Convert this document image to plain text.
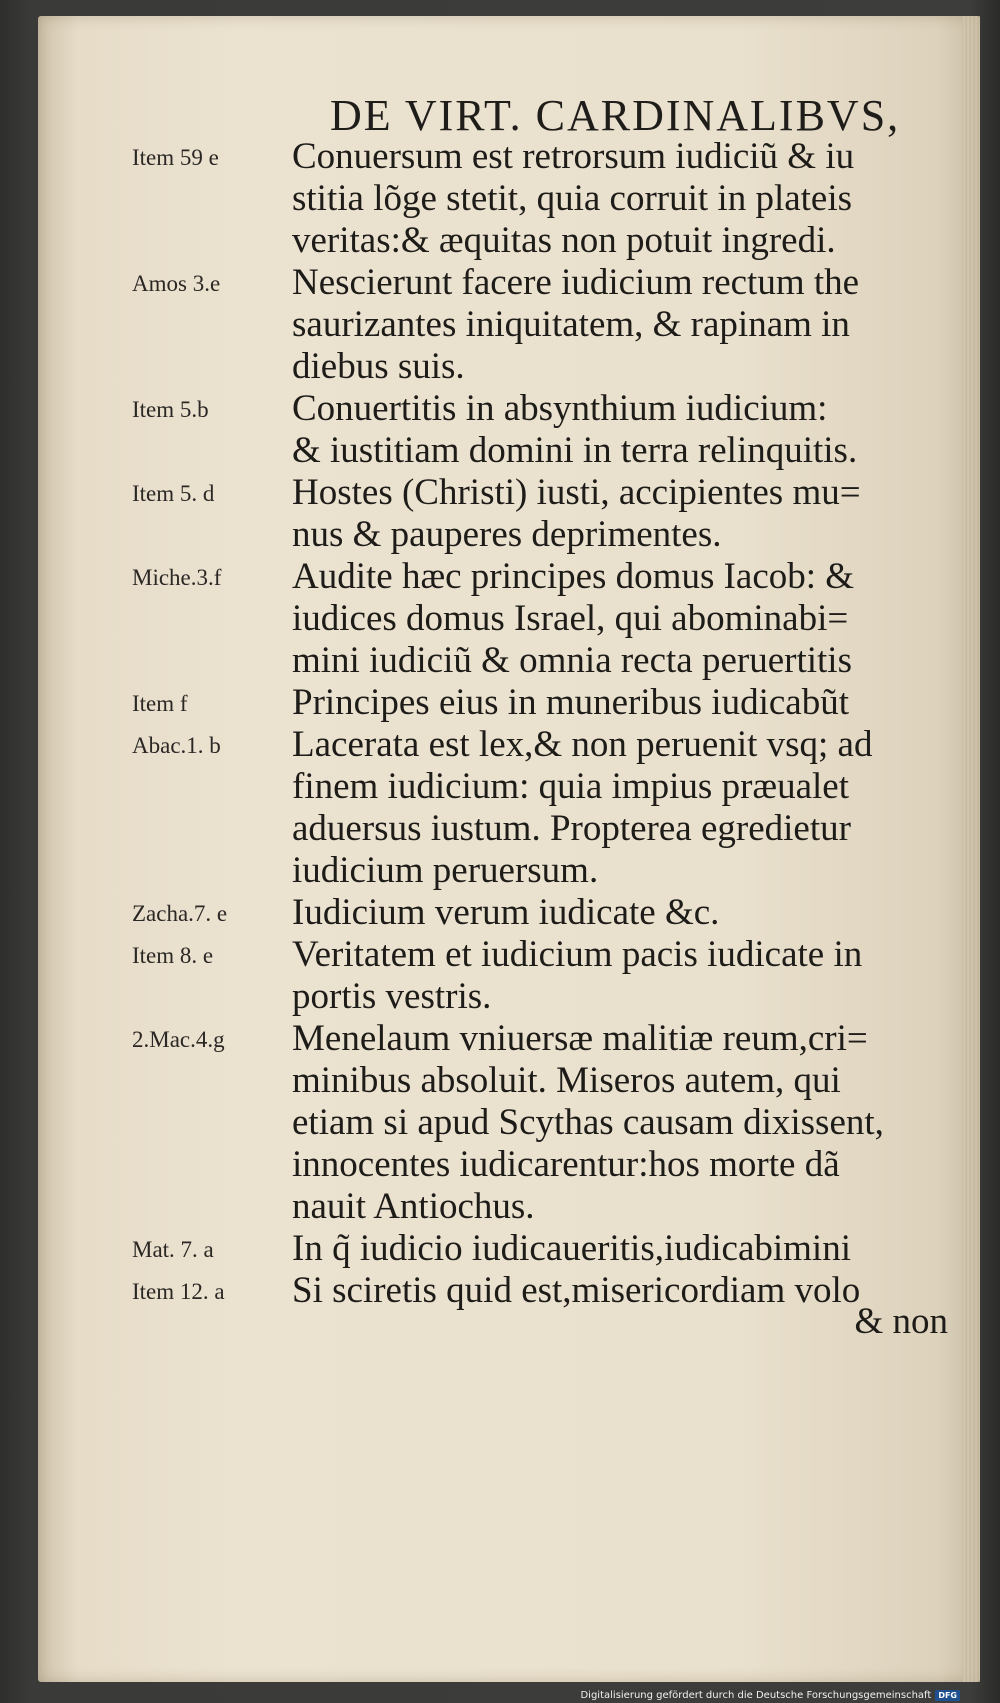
DE VIRT. CARDINALIBVS,
Item 59 e	Conuersum est retrorsum iudiciũ & iu
stitia lõge stetit, quia corruit in plateis
veritas:& æquitas non potuit ingredi.
Amos 3.e	Nescierunt facere iudicium rectum the
saurizantes iniquitatem, & rapinam in
diebus suis.
Item 5.b	Conuertitis in absynthium iudicium:
& iustitiam domini in terra relinquitis.
Item 5. d	Hostes (Christi) iusti, accipientes mu=
nus & pauperes deprimentes.
Miche.3.f	Audite hæc principes domus Iacob: &
iudices domus Israel, qui abominabi=
mini iudiciũ & omnia recta peruertitis
Item f	Principes eius in muneribus iudicabũt
Abac.1. b	Lacerata est lex,& non peruenit vsq; ad
finem iudicium: quia impius præualet
aduersus iustum. Propterea egredietur
iudicium peruersum.
Zacha.7. e	Iudicium verum iudicate &c.
Item 8. e	Veritatem et iudicium pacis iudicate in
portis vestris.
2.Mac.4.g	Menelaum vniuersæ malitiæ reum,cri=
minibus absoluit. Miseros autem, qui
etiam si apud Scythas causam dixissent,
innocentes iudicarentur:hos morte dã
nauit Antiochus.
Mat. 7. a	In q̃ iudicio iudicaueritis,iudicabimini
Item 12. a	Si sciretis quid est,misericordiam volo
& non
Digitalisierung gefördert durch die Deutsche Forschungsgemeinschaft DFG
